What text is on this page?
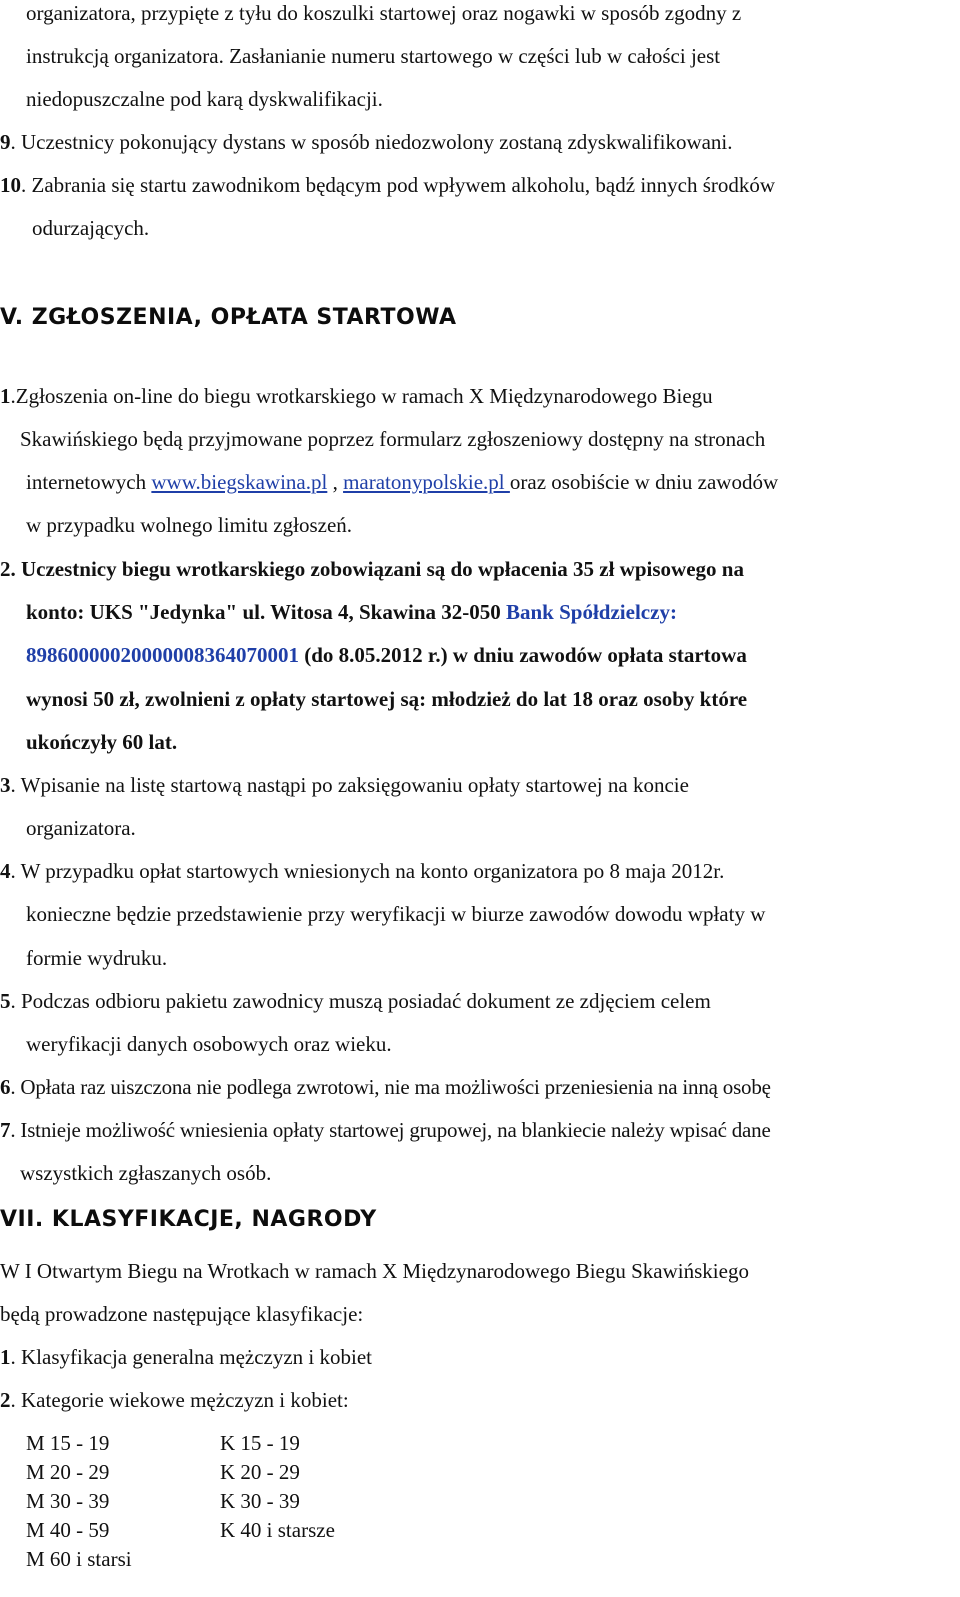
organizatora, przypięte z tyłu do koszulki startowej oraz nogawki w sposób zgodny z
instrukcją organizatora. Zasłanianie numeru startowego w części lub w całości jest
niedopuszczalne pod karą dyskwalifikacji.
9. Uczestnicy pokonujący dystans w sposób niedozwolony zostaną zdyskwalifikowani.
10. Zabrania się startu zawodnikom będącym pod wpływem alkoholu, bądź innych środków
odurzających.
V. ZGŁOSZENIA, OPŁATA STARTOWA
1.Zgłoszenia on-line do biegu wrotkarskiego w ramach X Międzynarodowego Biegu
Skawińskiego będą przyjmowane poprzez formularz zgłoszeniowy dostępny na stronach
internetowych www.biegskawina.pl , maratonypolskie.pl oraz osobiście w dniu zawodów
w przypadku wolnego limitu zgłoszeń.
2. Uczestnicy biegu wrotkarskiego zobowiązani są do wpłacenia 35 zł wpisowego na
konto: UKS "Jedynka" ul. Witosa 4, Skawina 32-050 Bank Spółdzielczy:
89860000020000008364070001 (do 8.05.2012 r.) w dniu zawodów opłata startowa
wynosi 50 zł, zwolnieni z opłaty startowej są: młodzież do lat 18 oraz osoby które
ukończyły 60 lat.
3. Wpisanie na listę startową nastąpi po zaksięgowaniu opłaty startowej na koncie
organizatora.
4. W przypadku opłat startowych wniesionych na konto organizatora po 8 maja 2012r.
konieczne będzie przedstawienie przy weryfikacji w biurze zawodów dowodu wpłaty w
formie wydruku.
5. Podczas odbioru pakietu zawodnicy muszą posiadać dokument ze zdjęciem celem
weryfikacji danych osobowych oraz wieku.
6. Opłata raz uiszczona nie podlega zwrotowi, nie ma możliwości przeniesienia na inną osobę
7. Istnieje możliwość wniesienia opłaty startowej grupowej, na blankiecie należy wpisać dane
wszystkich zgłaszanych osób.
VII. KLASYFIKACJE, NAGRODY
W I Otwartym Biegu na Wrotkach w ramach X Międzynarodowego Biegu Skawińskiego
będą prowadzone następujące klasyfikacje:
1. Klasyfikacja generalna mężczyzn i kobiet
2. Kategorie wiekowe mężczyzn i kobiet:
M 15 - 19
M 20 - 29
M 30 - 39
M 40 - 59
M 60 i starsi
K 15 - 19
K 20 - 29
K 30 - 39
K 40 i starsze
